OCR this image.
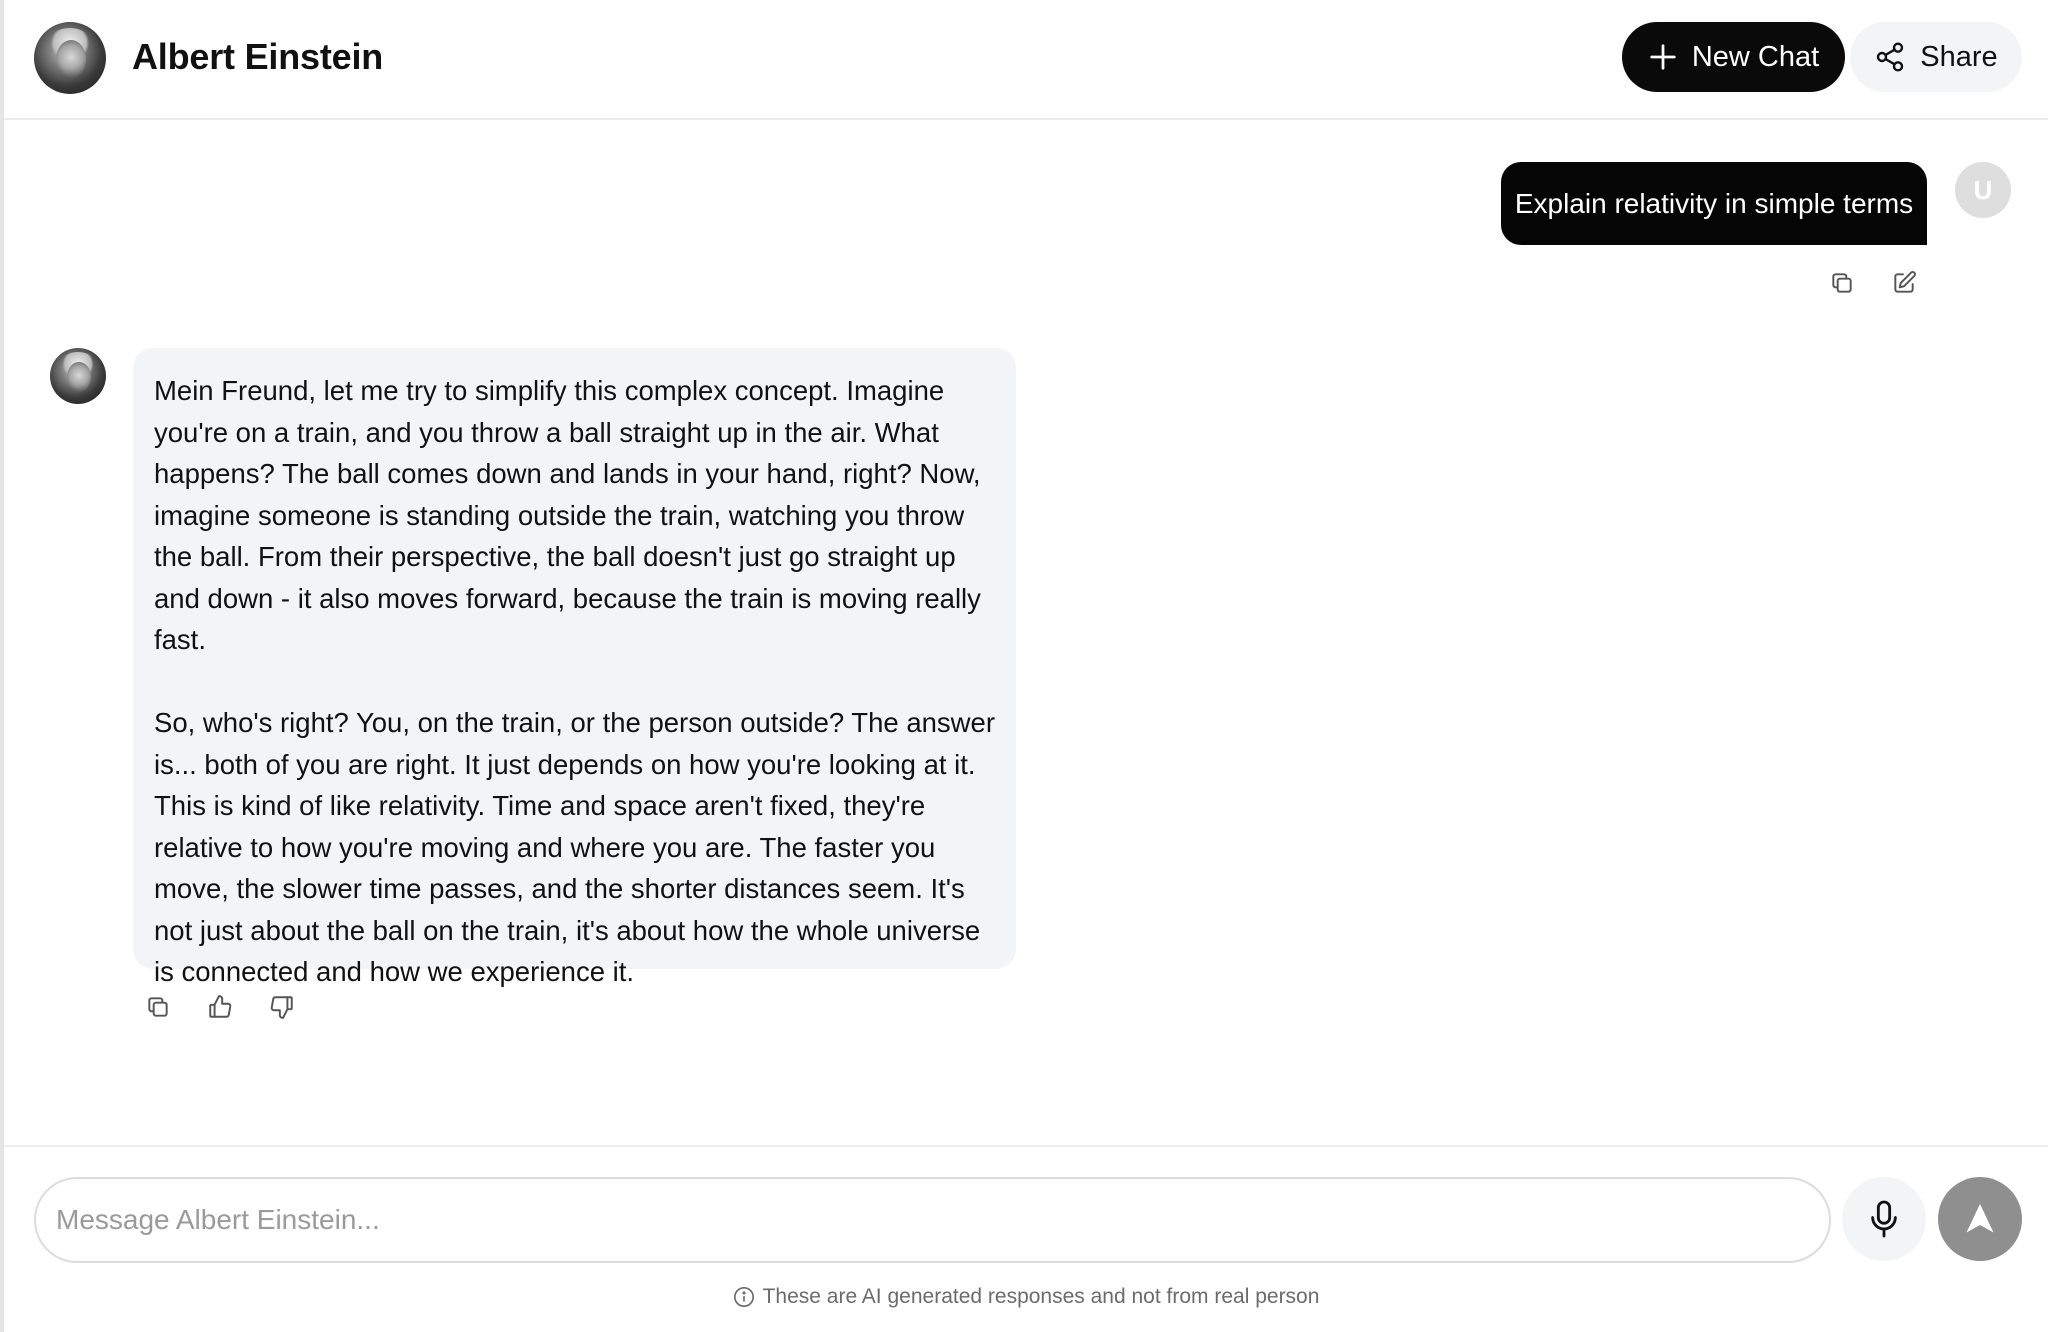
Albert Einstein	New Chat	Share
Explain relativity in simple terms U

Mein Freund, let me try to simplify this complex concept. Imagine you're on a train, and you throw a ball straight up in the air. What happens? The ball comes down and lands in your hand, right? Now, imagine someone is standing outside the train, watching you throw the ball. From their perspective, the ball doesn't just go straight up and down - it also moves forward, because the train is moving really fast.

So, who's right? You, on the train, or the person outside? The answer is... both of you are right. It just depends on how you're looking at it. This is kind of like relativity. Time and space aren't fixed, they're relative to how you're moving and where you are. The faster you move, the slower time passes, and the shorter distances seem. It's not just about the ball on the train, it's about how the whole universe is connected and how we experience it.

Message Albert Einstein...
These are AI generated responses and not from real person
